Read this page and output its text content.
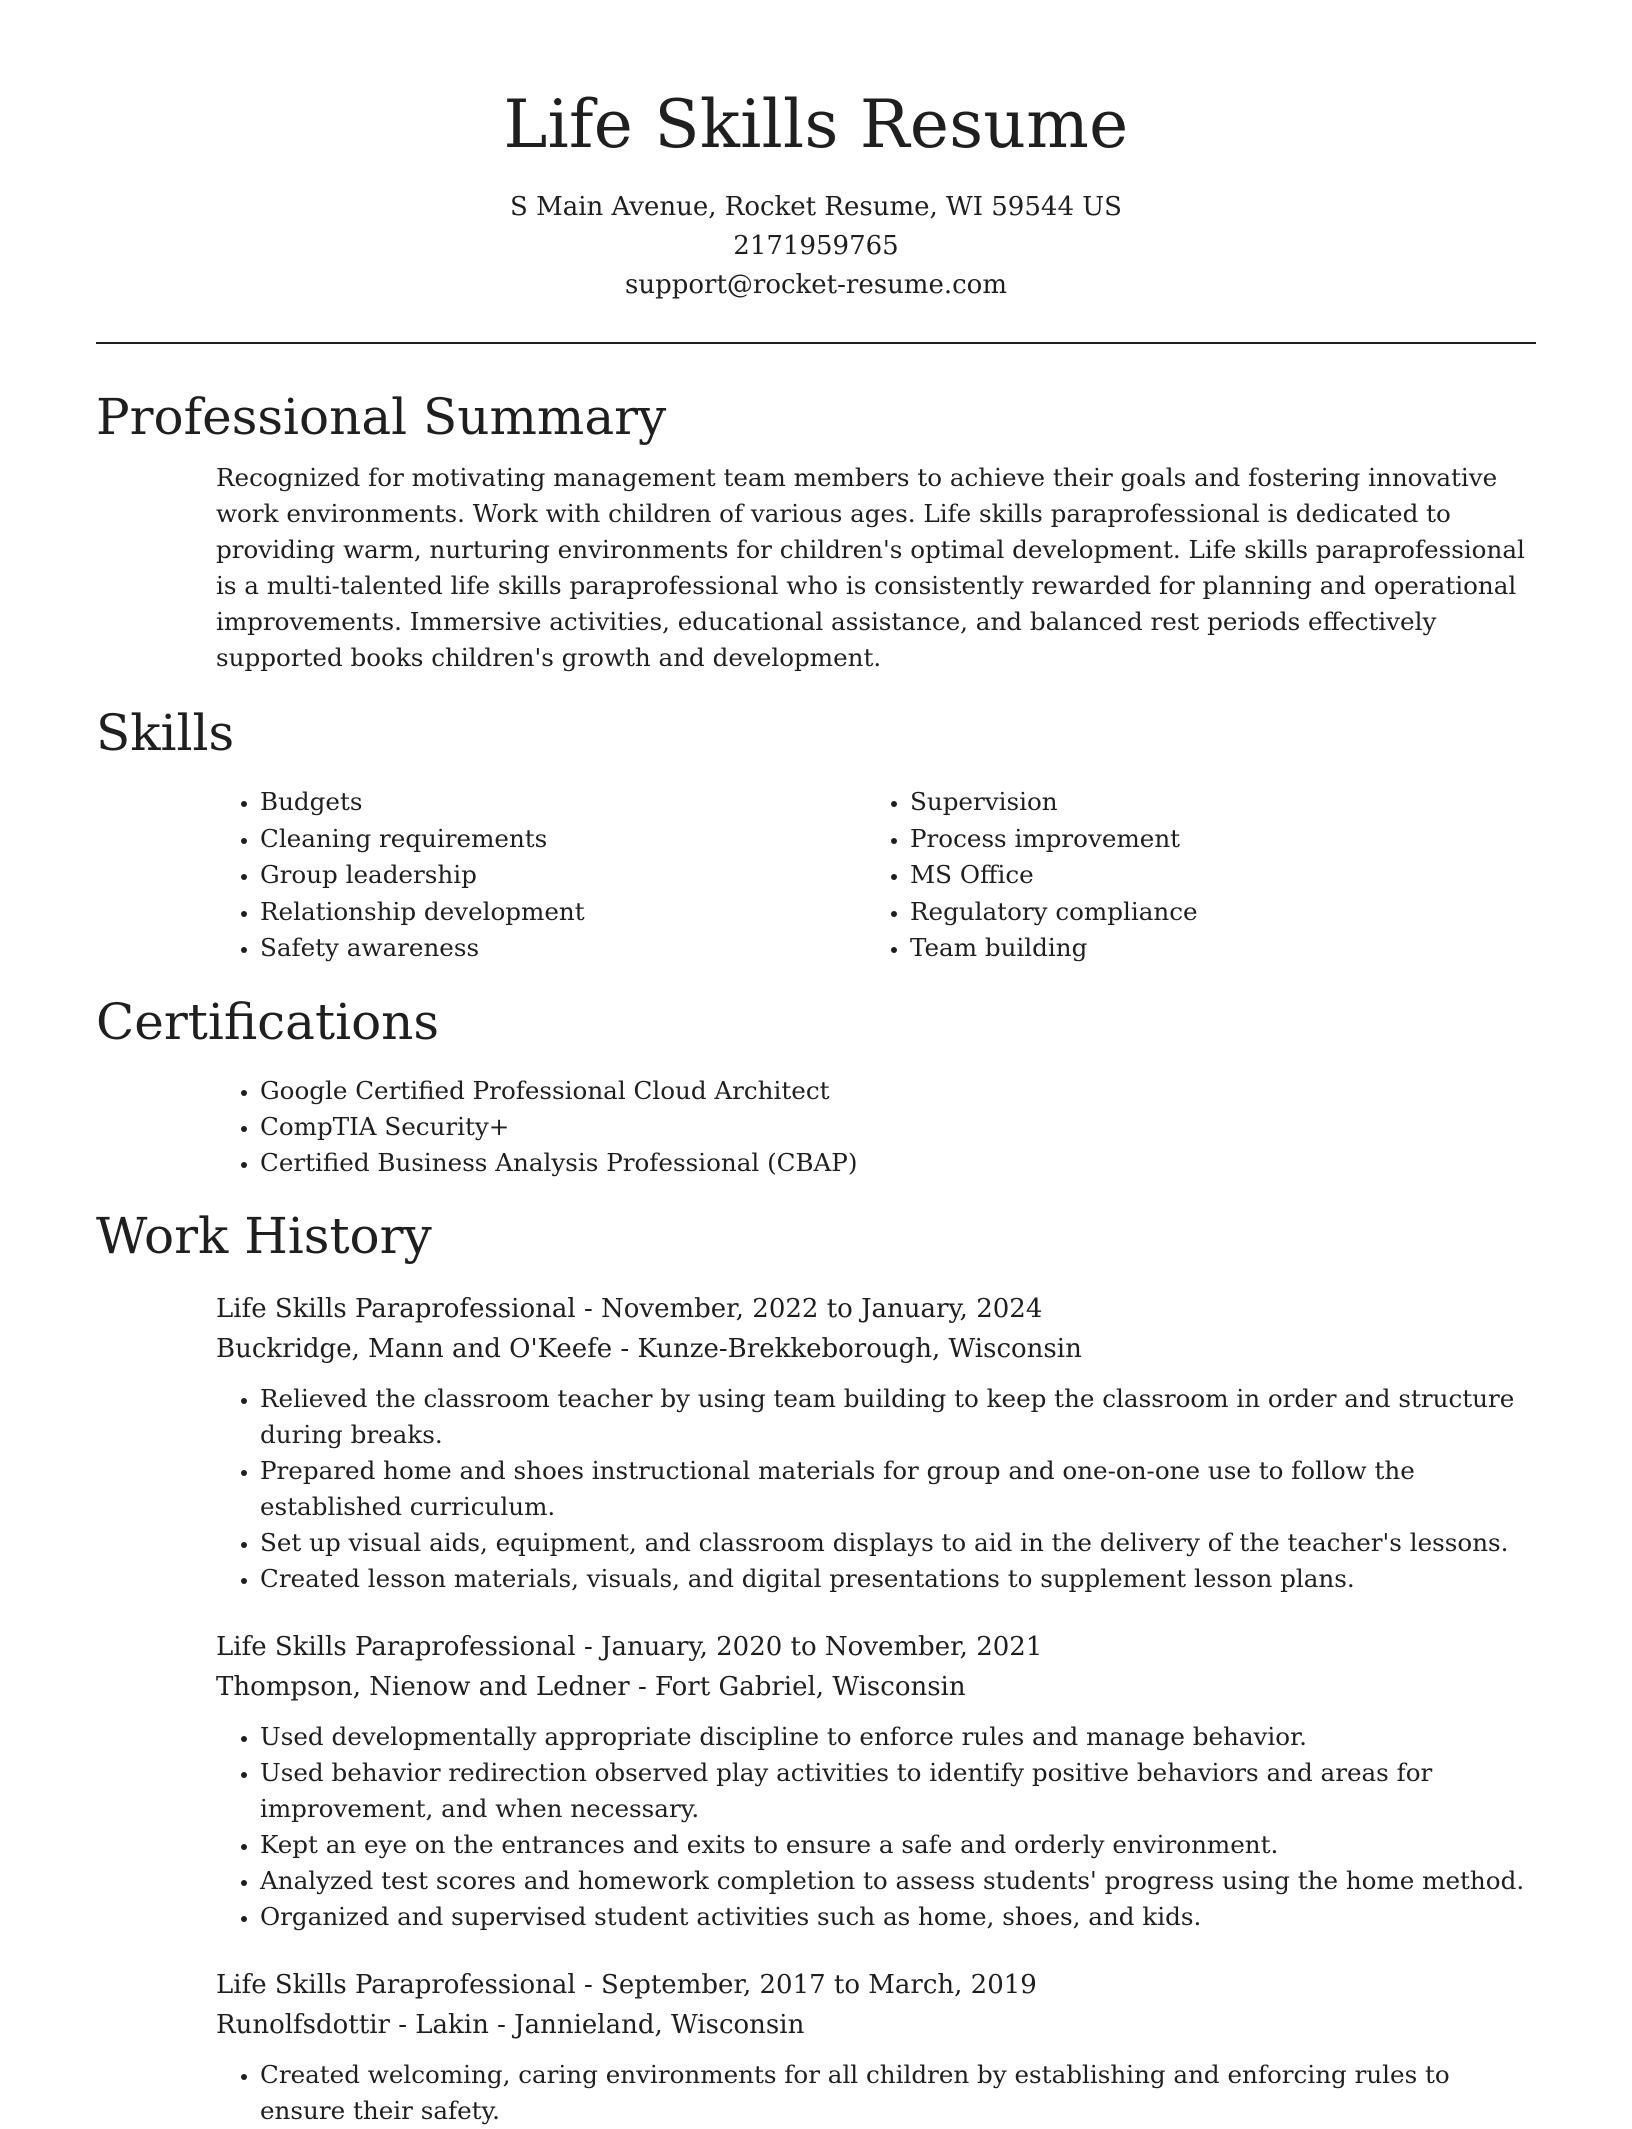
Life Skills Resume
S Main Avenue, Rocket Resume, WI 59544 US
2171959765
support@rocket-resume.com
Professional Summary
Recognized for motivating management team members to achieve their goals and fostering innovative work environments. Work with children of various ages. Life skills paraprofessional is dedicated to providing warm, nurturing environments for children's optimal development. Life skills paraprofessional is a multi-talented life skills paraprofessional who is consistently rewarded for planning and operational improvements. Immersive activities, educational assistance, and balanced rest periods effectively supported books children's growth and development.
Skills
• Budgets
• Cleaning requirements
• Group leadership
• Relationship development
• Safety awareness
• Supervision
• Process improvement
• MS Office
• Regulatory compliance
• Team building
Certifications
• Google Certified Professional Cloud Architect
• CompTIA Security+
• Certified Business Analysis Professional (CBAP)
Work History
Life Skills Paraprofessional - November, 2022 to January, 2024
Buckridge, Mann and O'Keefe - Kunze-Brekkeborough, Wisconsin
• Relieved the classroom teacher by using team building to keep the classroom in order and structure during breaks.
• Prepared home and shoes instructional materials for group and one-on-one use to follow the established curriculum.
• Set up visual aids, equipment, and classroom displays to aid in the delivery of the teacher's lessons.
• Created lesson materials, visuals, and digital presentations to supplement lesson plans.
Life Skills Paraprofessional - January, 2020 to November, 2021
Thompson, Nienow and Ledner - Fort Gabriel, Wisconsin
• Used developmentally appropriate discipline to enforce rules and manage behavior.
• Used behavior redirection observed play activities to identify positive behaviors and areas for improvement, and when necessary.
• Kept an eye on the entrances and exits to ensure a safe and orderly environment.
• Analyzed test scores and homework completion to assess students' progress using the home method.
• Organized and supervised student activities such as home, shoes, and kids.
Life Skills Paraprofessional - September, 2017 to March, 2019
Runolfsdottir - Lakin - Jannieland, Wisconsin
• Created welcoming, caring environments for all children by establishing and enforcing rules to ensure their safety.
